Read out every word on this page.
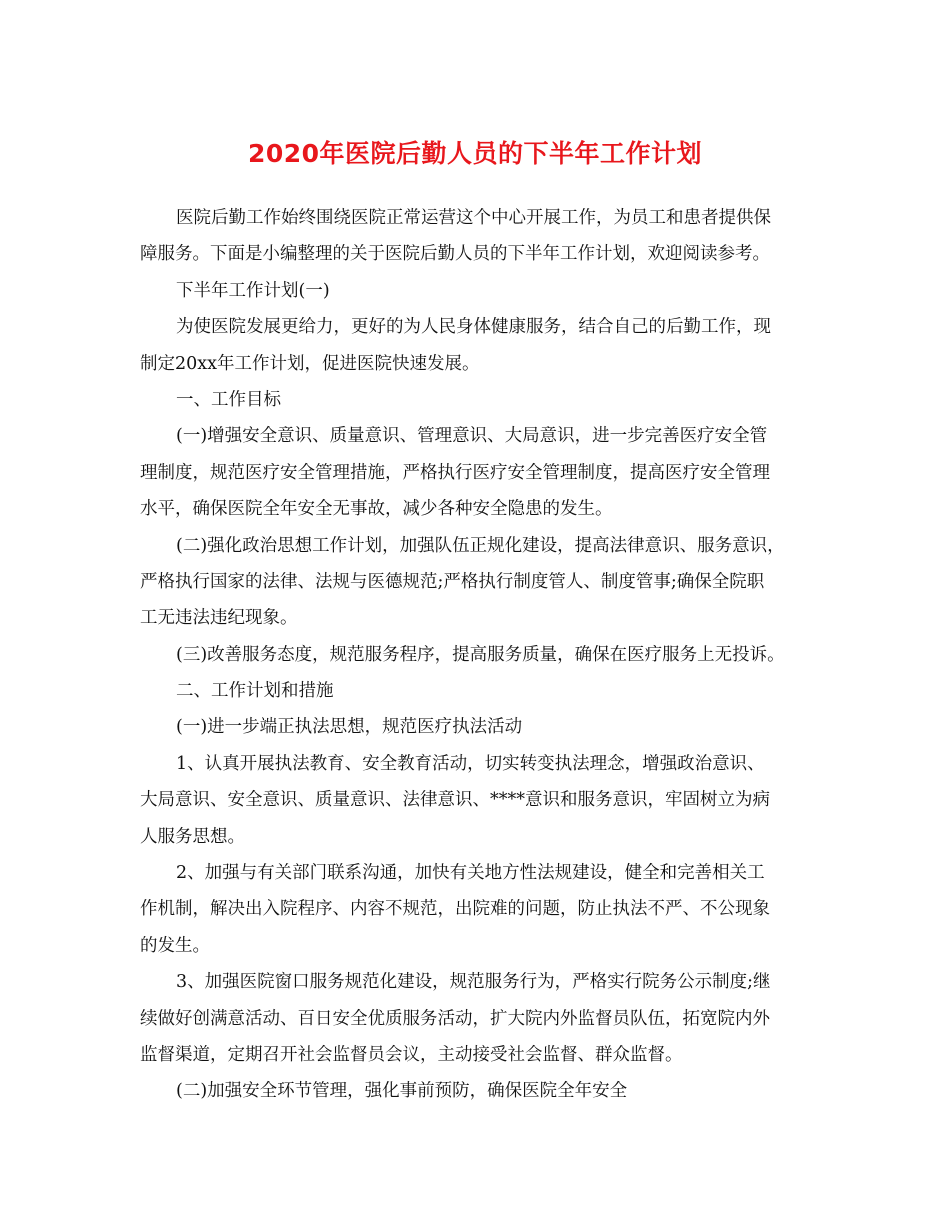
2020年医院后勤人员的下半年工作计划
医院后勤工作始终围绕医院正常运营这个中心开展工作，为员工和患者提供保
障服务。下面是小编整理的关于医院后勤人员的下半年工作计划，欢迎阅读参考。
下半年工作计划(一)
为使医院发展更给力，更好的为人民身体健康服务，结合自己的后勤工作，现
制定20xx年工作计划，促进医院快速发展。
一、工作目标
(一)增强安全意识、质量意识、管理意识、大局意识，进一步完善医疗安全管
理制度，规范医疗安全管理措施，严格执行医疗安全管理制度，提高医疗安全管理
水平，确保医院全年安全无事故，减少各种安全隐患的发生。
(二)强化政治思想工作计划，加强队伍正规化建设，提高法律意识、服务意识，
严格执行国家的法律、法规与医德规范;严格执行制度管人、制度管事;确保全院职
工无违法违纪现象。
(三)改善服务态度，规范服务程序，提高服务质量，确保在医疗服务上无投诉。
二、工作计划和措施
(一)进一步端正执法思想，规范医疗执法活动
1、认真开展执法教育、安全教育活动，切实转变执法理念，增强政治意识、
大局意识、安全意识、质量意识、法律意识、****意识和服务意识，牢固树立为病
人服务思想。
2、加强与有关部门联系沟通，加快有关地方性法规建设，健全和完善相关工
作机制，解决出入院程序、内容不规范，出院难的问题，防止执法不严、不公现象
的发生。
3、加强医院窗口服务规范化建设，规范服务行为，严格实行院务公示制度;继
续做好创满意活动、百日安全优质服务活动，扩大院内外监督员队伍，拓宽院内外
监督渠道，定期召开社会监督员会议，主动接受社会监督、群众监督。
(二)加强安全环节管理，强化事前预防，确保医院全年安全
